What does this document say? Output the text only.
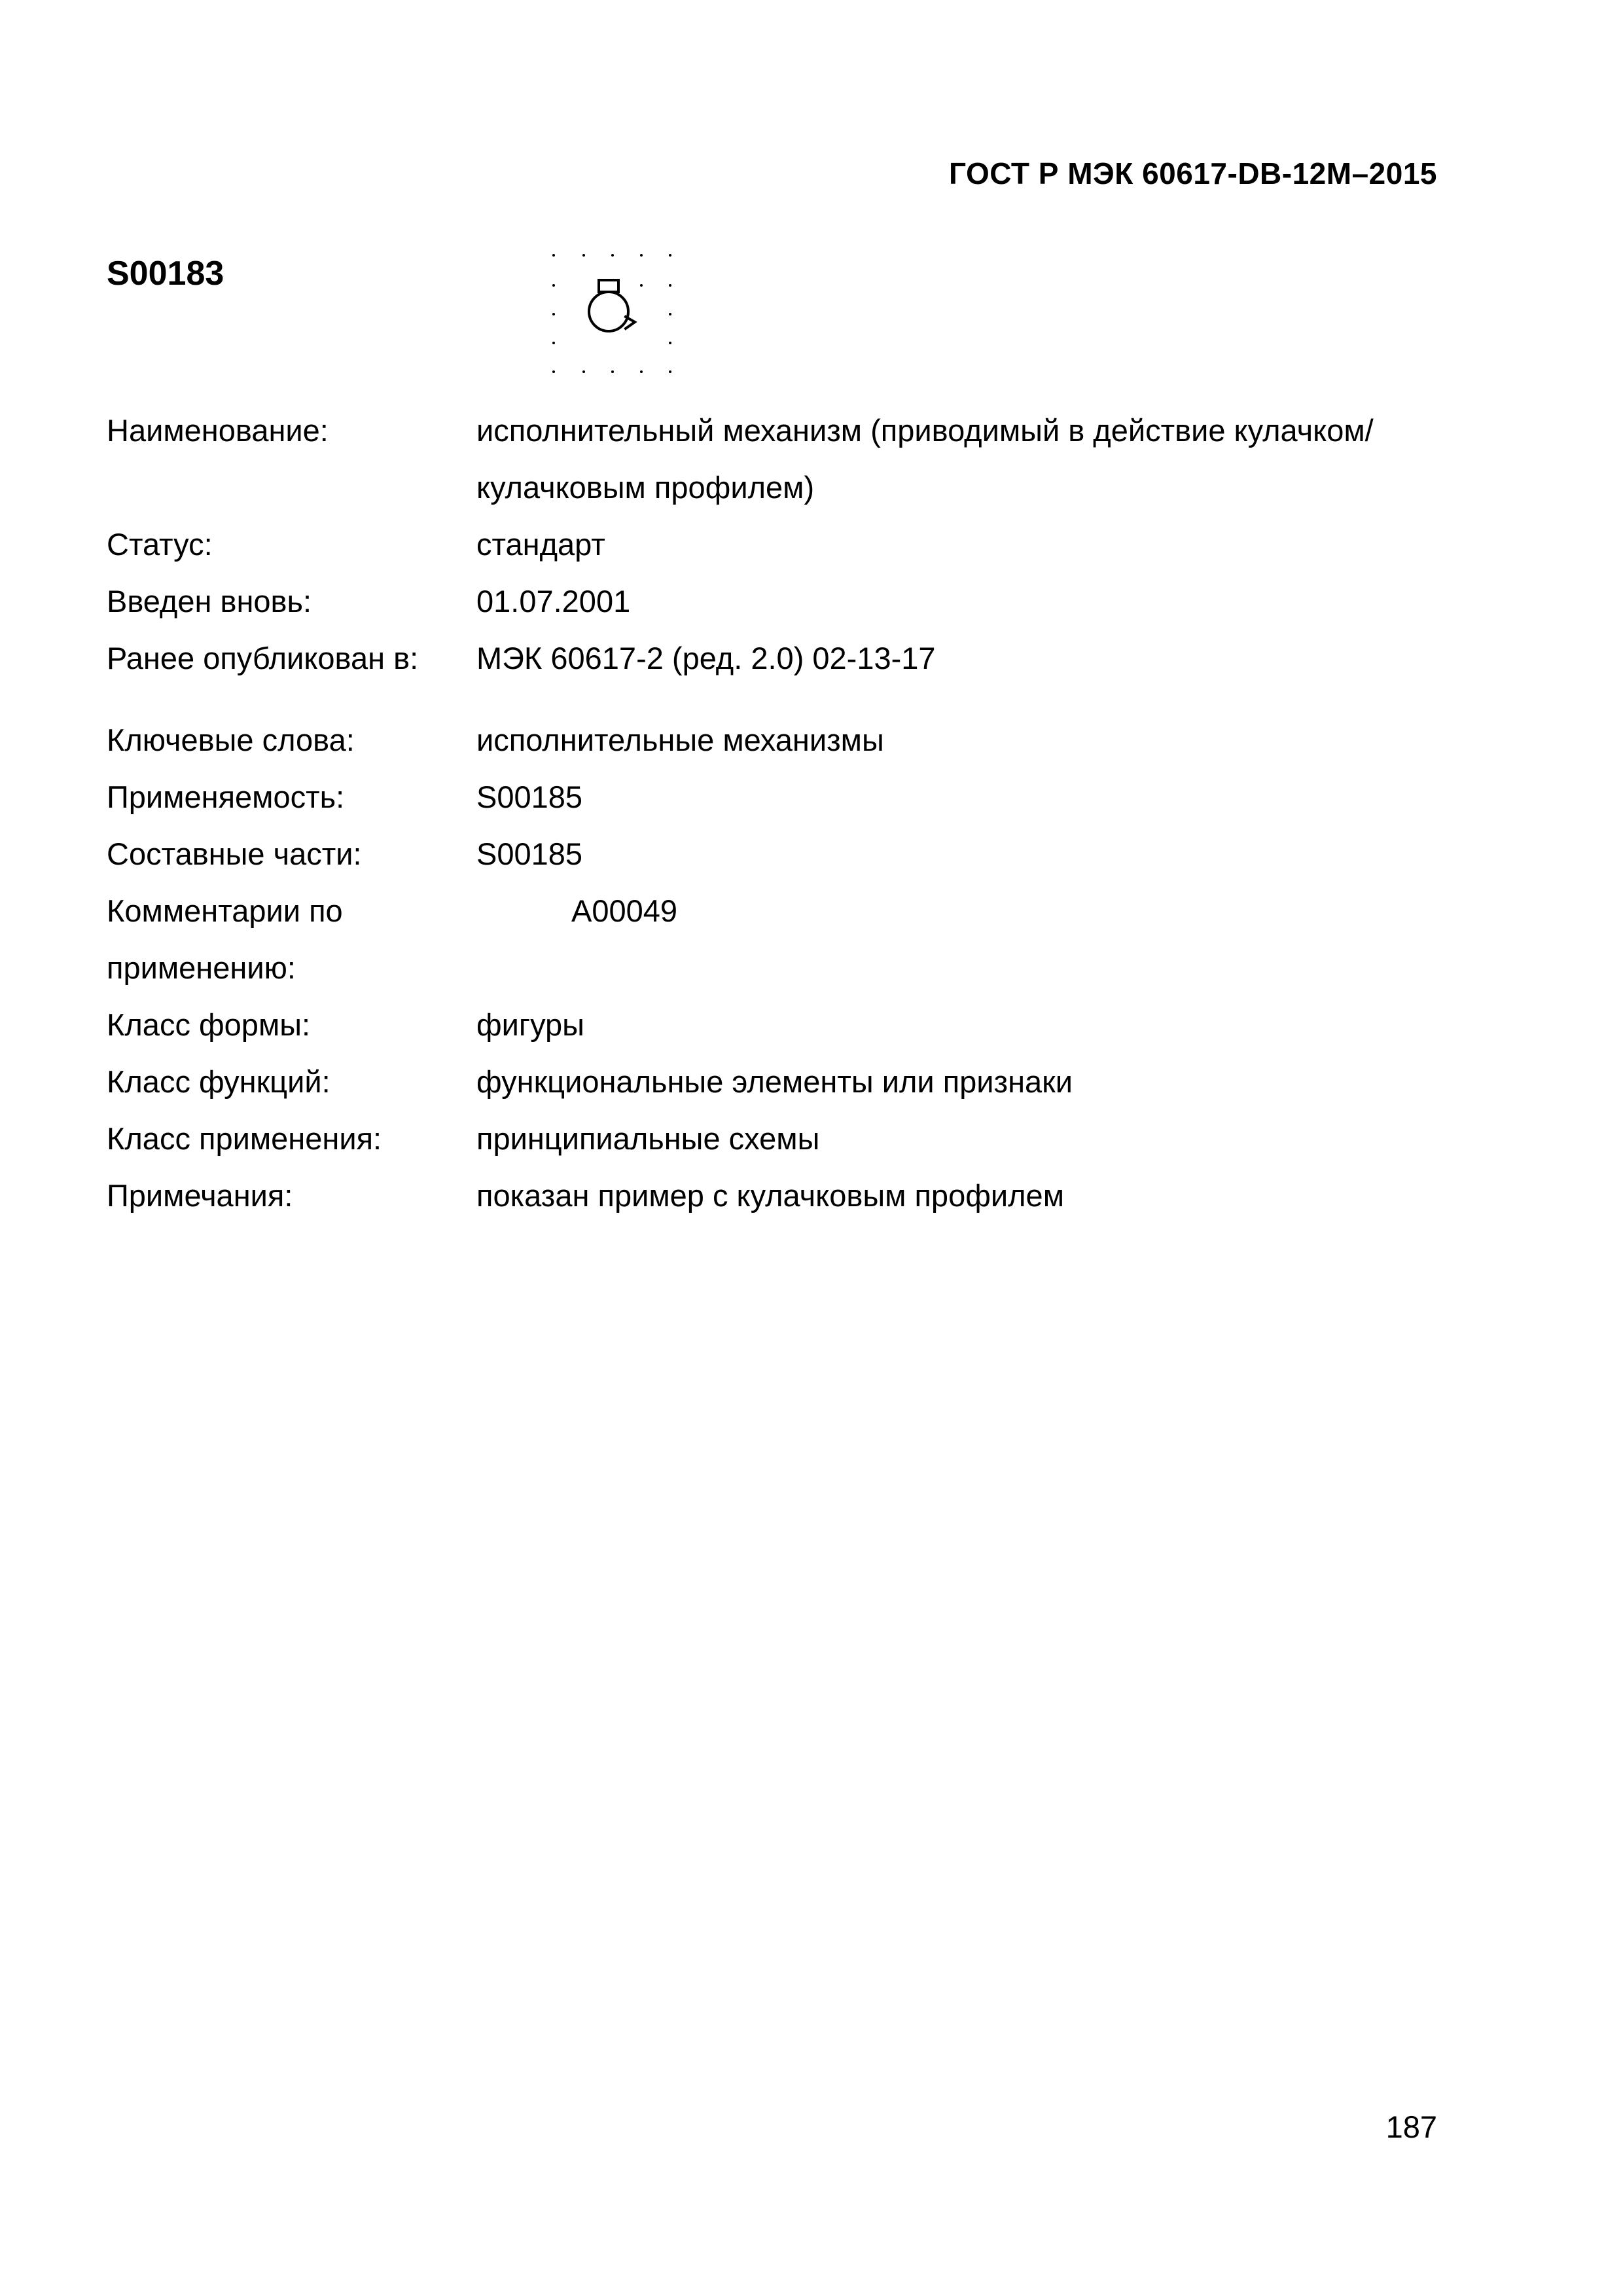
ГОСТ Р МЭК 60617-DB-12М–2015
S00183
Наименование:	исполнительный механизм (приводимый в действие кулачком/кулачковым профилем)
Статус:	стандарт
Введен вновь:	01.07.2001
Ранее опубликован в:	МЭК 60617-2 (ред. 2.0) 02-13-17
Ключевые слова:	исполнительные механизмы
Применяемость:	S00185
Составные части:	S00185
Комментарии по применению:
A00049
Класс формы:	фигуры
Класс функций:	функциональные элементы или признаки
Класс применения:	принципиальные схемы
Примечания:	показан пример с кулачковым профилем
187
